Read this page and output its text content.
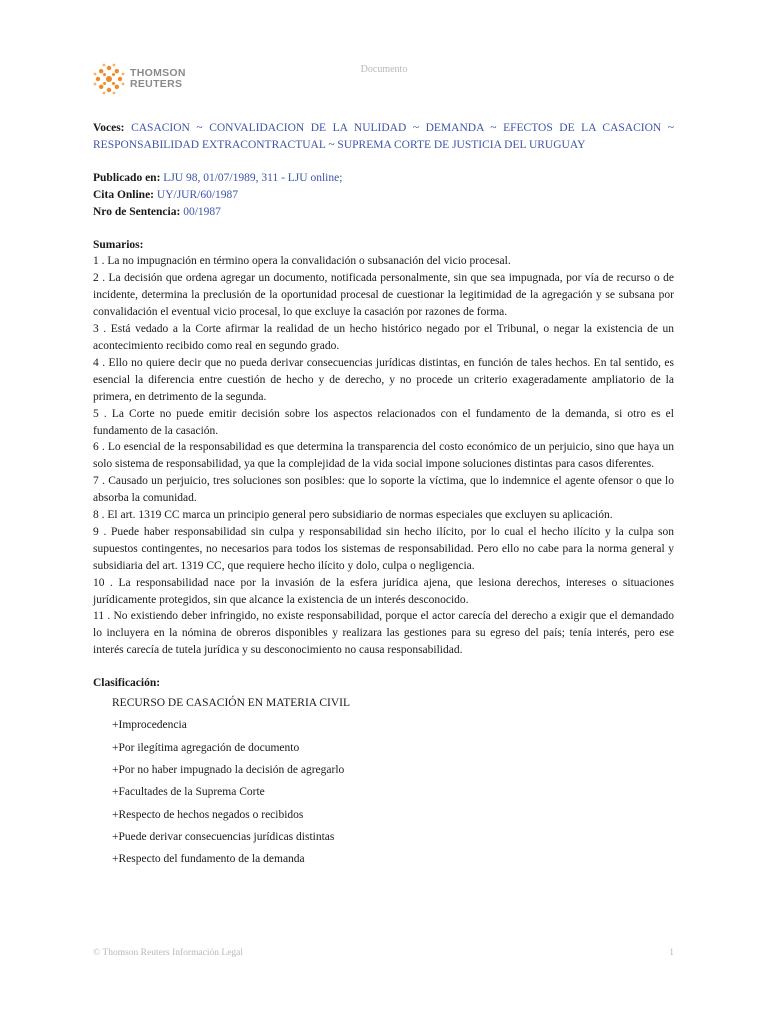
THOMSON
REUTERS
Documento
Voces: CASACION ~ CONVALIDACION DE LA NULIDAD ~ DEMANDA ~ EFECTOS DE LA CASACION ~ RESPONSABILIDAD EXTRACONTRACTUAL ~ SUPREMA CORTE DE JUSTICIA DEL URUGUAY
Publicado en: LJU 98, 01/07/1989, 311 - LJU online;
Cita Online: UY/JUR/60/1987
Nro de Sentencia: 00/1987
Sumarios:

1 . La no impugnación en término opera la convalidación o subsanación del vicio procesal.

2 . La decisión que ordena agregar un documento, notificada personalmente, sin que sea impugnada, por vía de recurso o de incidente, determina la preclusión de la oportunidad procesal de cuestionar la legitimidad de la agregación y se subsana por convalidación el eventual vicio procesal, lo que excluye la casación por razones de forma.

3 . Está vedado a la Corte afirmar la realidad de un hecho histórico negado por el Tribunal, o negar la existencia de un acontecimiento recibido como real en segundo grado.

4 . Ello no quiere decir que no pueda derivar consecuencias jurídicas distintas, en función de tales hechos. En tal sentido, es esencial la diferencia entre cuestión de hecho y de derecho, y no procede un criterio exageradamente ampliatorio de la primera, en detrimento de la segunda.

5 . La Corte no puede emitir decisión sobre los aspectos relacionados con el fundamento de la demanda, si otro es el fundamento de la casación.

6 . Lo esencial de la responsabilidad es que determina la transparencia del costo económico de un perjuicio, sino que haya un solo sistema de responsabilidad, ya que la complejidad de la vida social impone soluciones distintas para casos diferentes.

7 . Causado un perjuicio, tres soluciones son posibles: que lo soporte la víctima, que lo indemnice el agente ofensor o que lo absorba la comunidad.

8 . El art. 1319 CC marca un principio general pero subsidiario de normas especiales que excluyen su aplicación.

9 . Puede haber responsabilidad sin culpa y responsabilidad sin hecho ilícito, por lo cual el hecho ilícito y la culpa son supuestos contingentes, no necesarios para todos los sistemas de responsabilidad. Pero ello no cabe para la norma general y subsidiaria del art. 1319 CC, que requiere hecho ilícito y dolo, culpa o negligencia.

10 . La responsabilidad nace por la invasión de la esfera jurídica ajena, que lesiona derechos, intereses o situaciones jurídicamente protegidos, sin que alcance la existencia de un interés desconocido.

11 . No existiendo deber infringido, no existe responsabilidad, porque el actor carecía del derecho a exigir que el demandado lo incluyera en la nómina de obreros disponibles y realizara las gestiones para su egreso del país; tenía interés, pero ese interés carecía de tutela jurídica y su desconocimiento no causa responsabilidad.

Clasificación:
RECURSO DE CASACIÓN EN MATERIA CIVIL
+Improcedencia
+Por ilegítima agregación de documento
+Por no haber impugnado la decisión de agregarlo
+Facultades de la Suprema Corte
+Respecto de hechos negados o recibidos
+Puede derivar consecuencias jurídicas distintas
+Respecto del fundamento de la demanda
© Thomson Reuters Información Legal	1
